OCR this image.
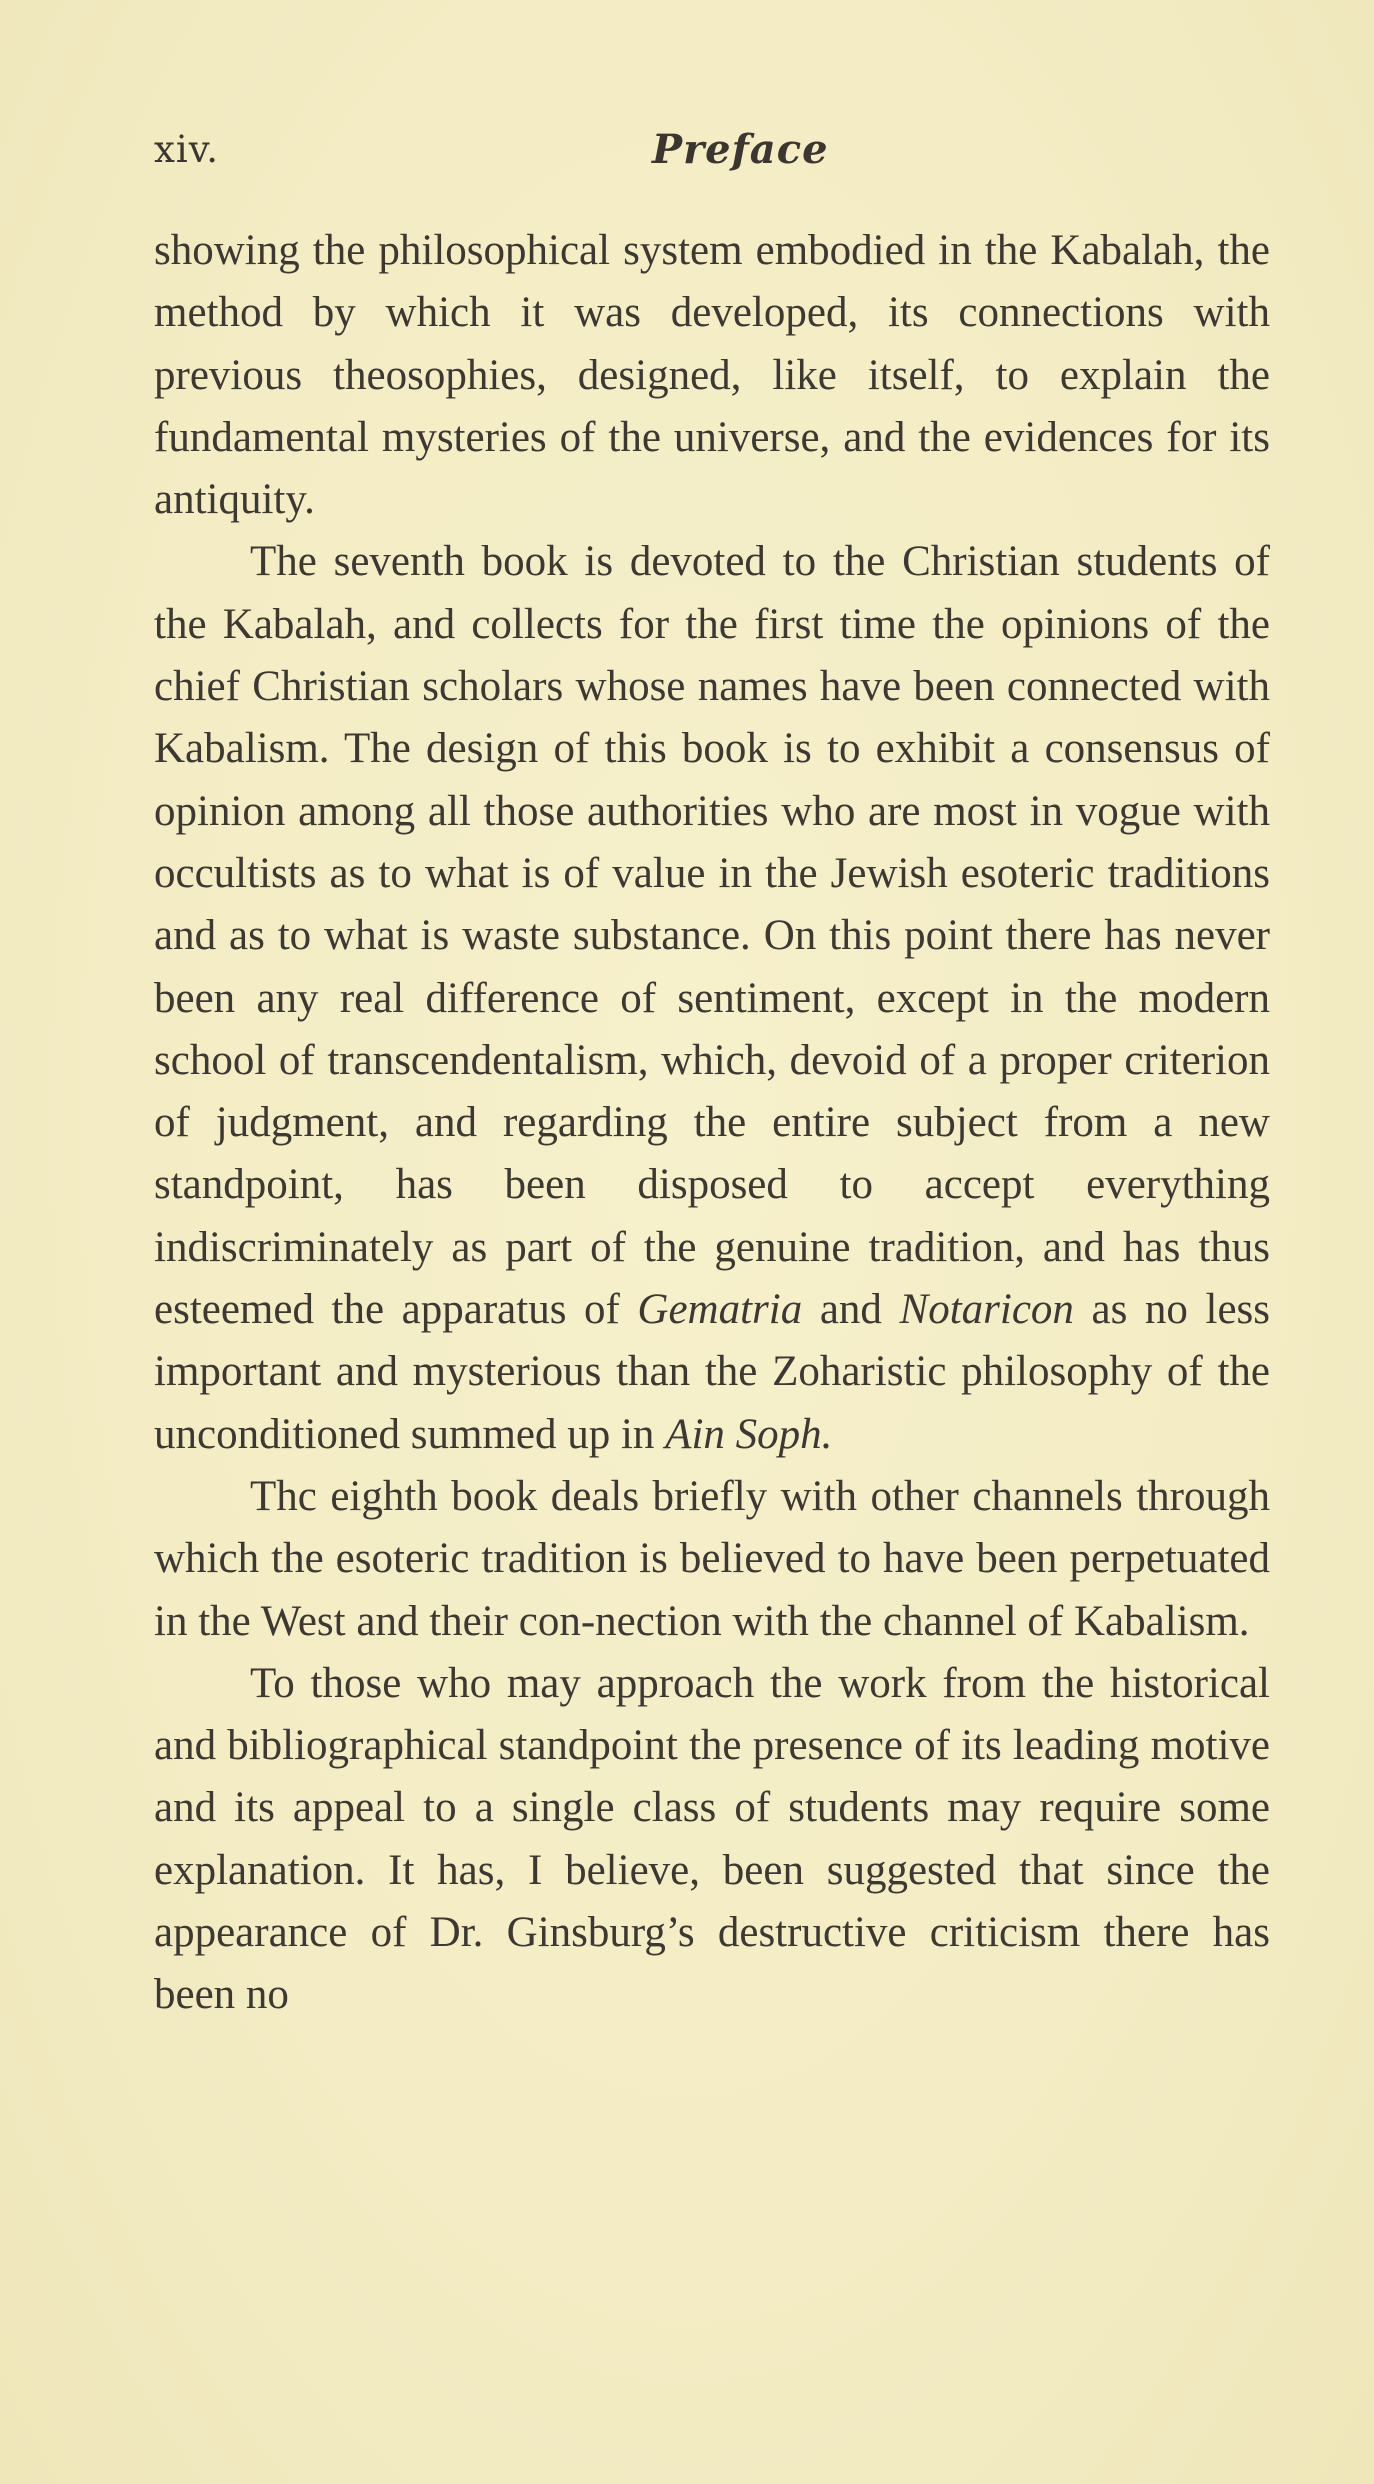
xiv.	Preface

showing the philosophical system embodied in the Kabalah, the method by which it was developed, its connections with previous theosophies, designed, like itself, to explain the fundamental mysteries of the universe, and the evidences for its antiquity.

The seventh book is devoted to the Christian students of the Kabalah, and collects for the first time the opinions of the chief Christian scholars whose names have been connected with Kabalism. The design of this book is to exhibit a consensus of opinion among all those authorities who are most in vogue with occultists as to what is of value in the Jewish esoteric traditions and as to what is waste substance. On this point there has never been any real difference of sentiment, except in the modern school of transcendentalism, which, devoid of a proper criterion of judgment, and regarding the entire subject from a new standpoint, has been disposed to accept everything indiscriminately as part of the genuine tradition, and has thus esteemed the apparatus of Gematria and Notaricon as no less important and mysterious than the Zoharistic philosophy of the unconditioned summed up in Ain Soph.

Thc eighth book deals briefly with other channels through which the esoteric tradition is believed to have been perpetuated in the West and their con-nection with the channel of Kabalism.

To those who may approach the work from the historical and bibliographical standpoint the presence of its leading motive and its appeal to a single class of students may require some explanation. It has, I believe, been suggested that since the appearance of Dr. Ginsburg’s destructive criticism there has been no
